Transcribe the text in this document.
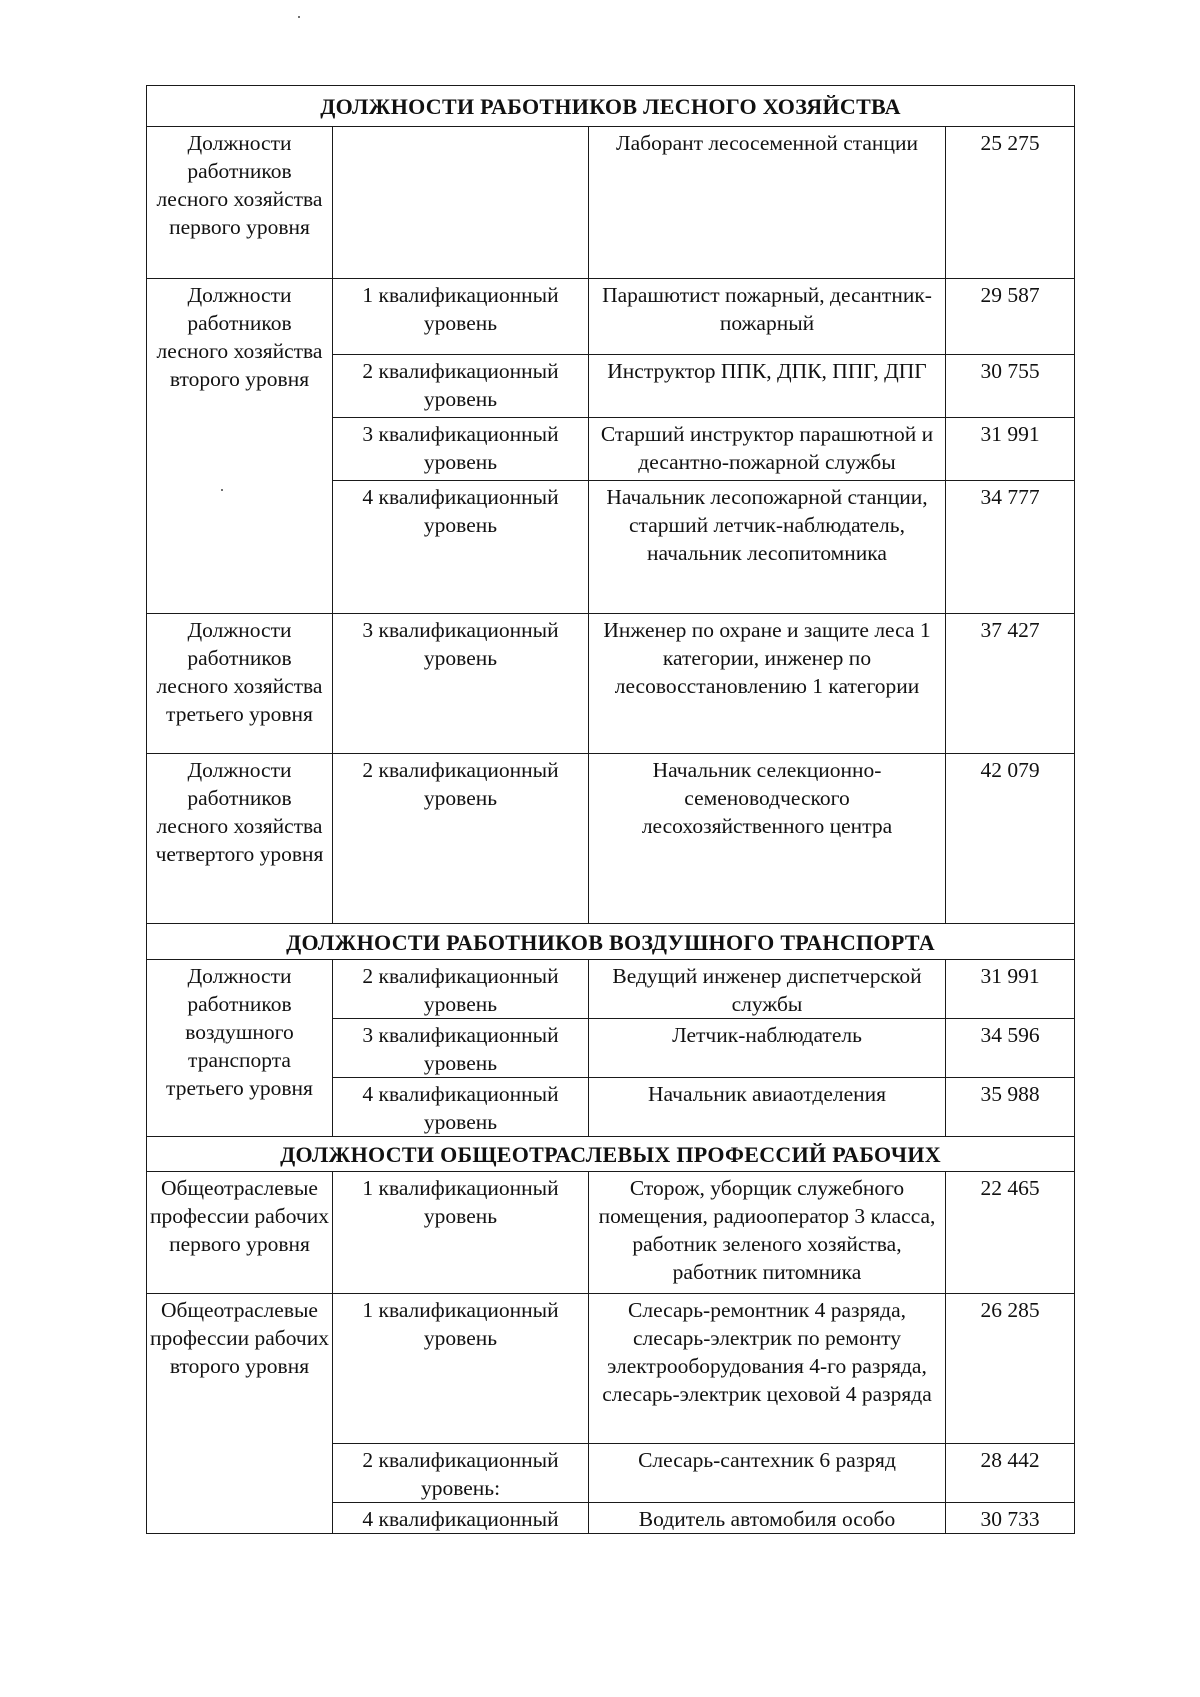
ДОЛЖНОСТИ РАБОТНИКОВ ЛЕСНОГО ХОЗЯЙСТВА			
Должности работников лесного хозяйства первого уровня		Лаборант лесосеменной станции	25 275
Должности работников лесного хозяйства второго уровня	1 квалификационный уровень	Парашютист пожарный, десантник-пожарный	29 587
	2 квалификационный уровень	Инструктор ППК, ДПК, ППГ, ДПГ	30 755
	3 квалификационный уровень	Старший инструктор парашютной и десантно-пожарной службы	31 991
	4 квалификационный уровень	Начальник лесопожарной станции, старший летчик-наблюдатель, начальник лесопитомника	34 777
Должности работников лесного хозяйства третьего уровня	3 квалификационный уровень	Инженер по охране и защите леса 1 категории, инженер по лесовосстановлению 1 категории	37 427
Должности работников лесного хозяйства четвертого уровня	2 квалификационный уровень	Начальник селекционно-семеноводческого лесохозяйственного центра	42 079
ДОЛЖНОСТИ РАБОТНИКОВ ВОЗДУШНОГО ТРАНСПОРТА			
Должности работников воздушного транспорта третьего уровня	2 квалификационный уровень	Ведущий инженер диспетчерской службы	31 991
	3 квалификационный уровень	Летчик-наблюдатель	34 596
	4 квалификационный уровень	Начальник авиаотделения	35 988
ДОЛЖНОСТИ ОБЩЕОТРАСЛЕВЫХ ПРОФЕССИЙ РАБОЧИХ			
Общеотраслевые профессии рабочих первого уровня	1 квалификационный уровень	Сторож, уборщик служебного помещения, радиооператор 3 класса, работник зеленого хозяйства, работник питомника	22 465
Общеотраслевые профессии рабочих второго уровня	1 квалификационный уровень	Слесарь-ремонтник 4 разряда, слесарь-электрик по ремонту электрооборудования 4-го разряда, слесарь-электрик цеховой 4 разряда	26 285
	2 квалификационный уровень:	Слесарь-сантехник 6 разряд	28 442
	4 квалификационный	Водитель автомобиля особо	30 733
